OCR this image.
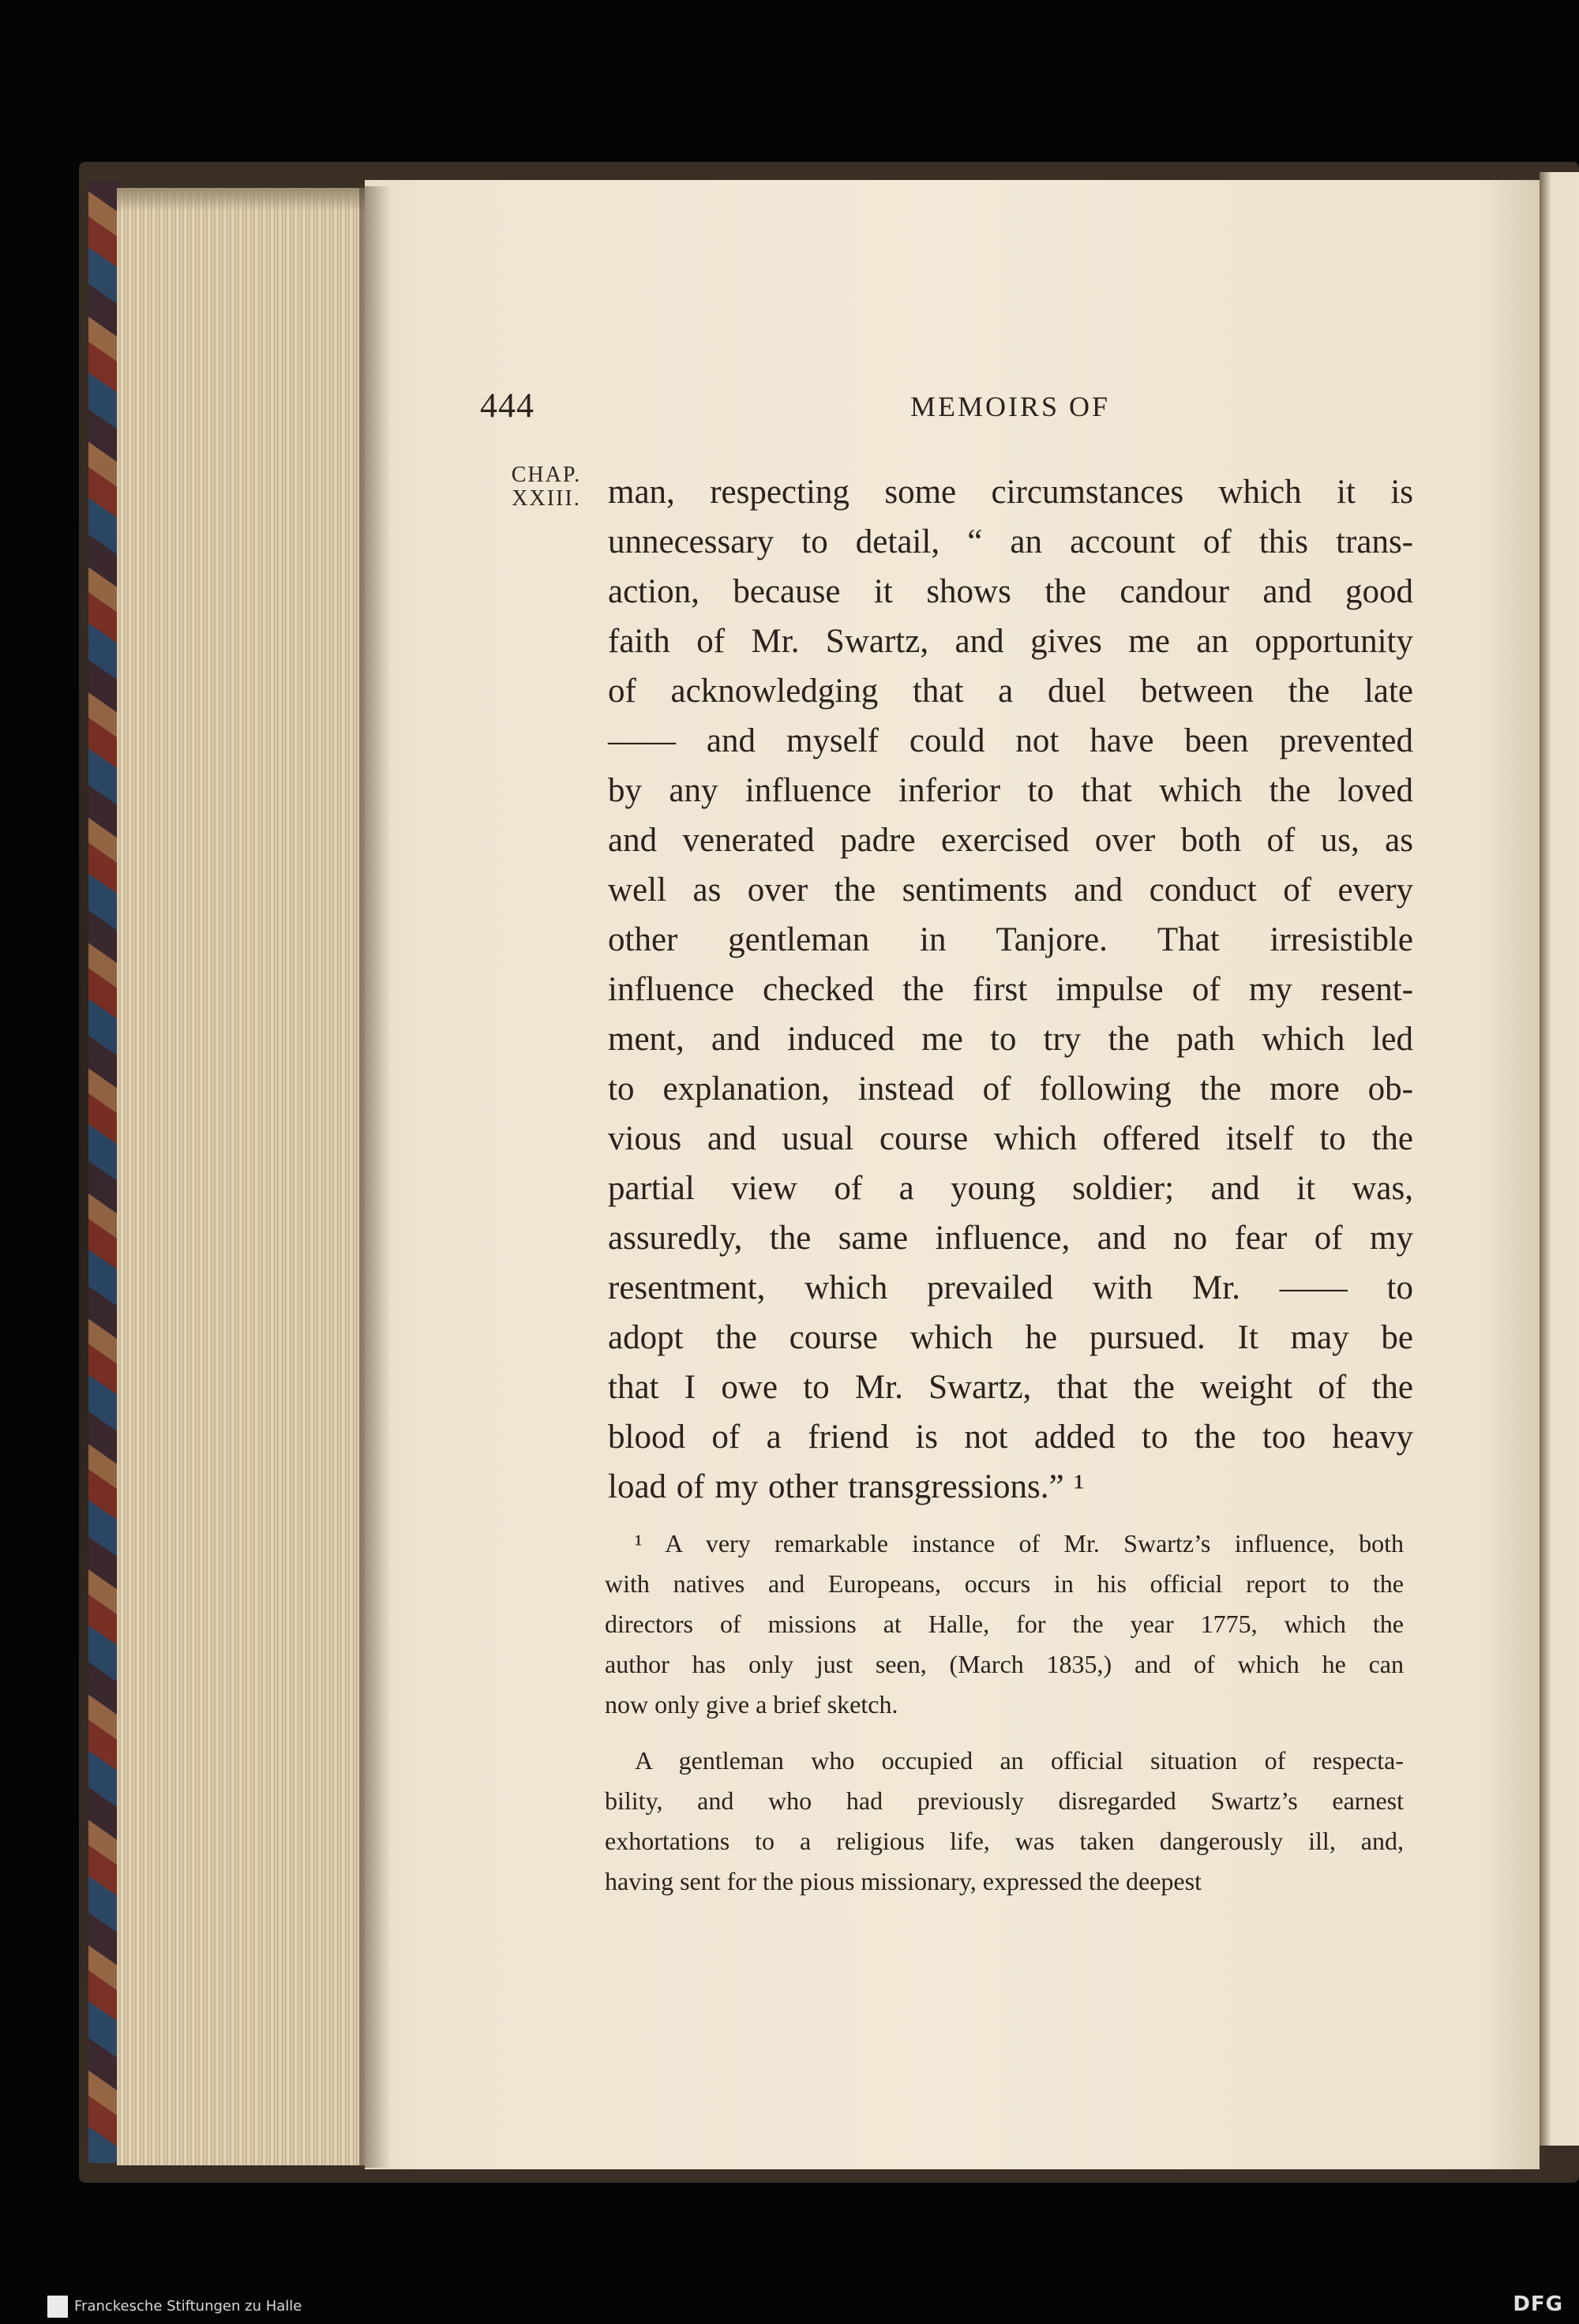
444	MEMOIRS OF
CHAP.
XXIII. man, respecting some circumstances which it is
unnecessary to detail, “ an account of this trans-
action, because it shows the candour and good
faith of Mr. Swartz, and gives me an opportunity
of acknowledging that a duel between the late
—— and myself could not have been prevented
by any influence inferior to that which the loved
and venerated padre exercised over both of us, as
well as over the sentiments and conduct of every
other gentleman in Tanjore. That irresistible
influence checked the first impulse of my resent-
ment, and induced me to try the path which led
to explanation, instead of following the more ob-
vious and usual course which offered itself to the
partial view of a young soldier; and it was,
assuredly, the same influence, and no fear of my
resentment, which prevailed with Mr. —— to
adopt the course which he pursued. It may be
that I owe to Mr. Swartz, that the weight of the
blood of a friend is not added to the too heavy
load of my other transgressions.” ¹
¹ A very remarkable instance of Mr. Swartz’s influence, both
with natives and Europeans, occurs in his official report to the
directors of missions at Halle, for the year 1775, which the
author has only just seen, (March 1835,) and of which he can
now only give a brief sketch.
A gentleman who occupied an official situation of respecta-
bility, and who had previously disregarded Swartz’s earnest
exhortations to a religious life, was taken dangerously ill, and,
having sent for the pious missionary, expressed the deepest
Franckesche Stiftungen zu Halle	DFG
